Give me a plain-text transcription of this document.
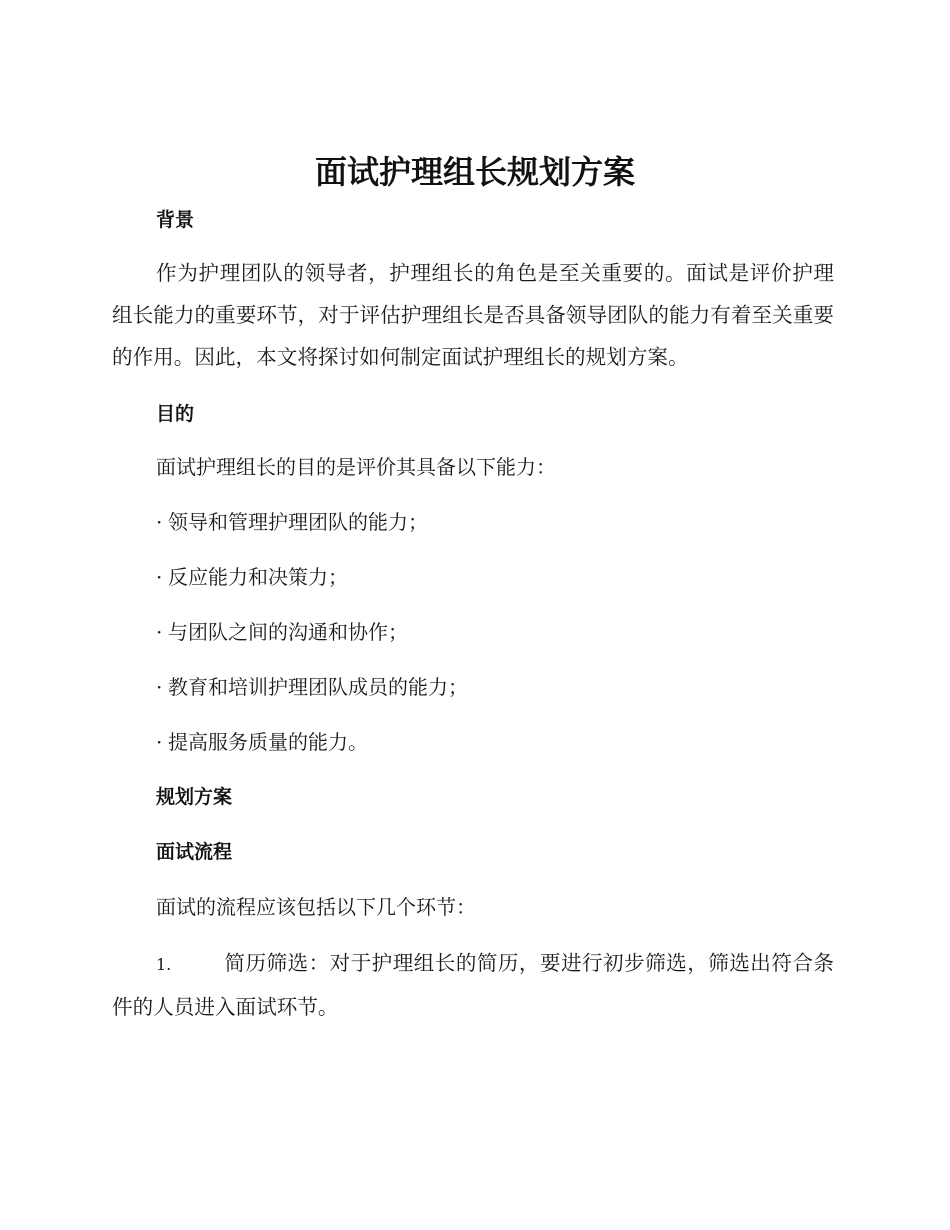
面试护理组长规划方案
背景
作为护理团队的领导者，护理组长的角色是至关重要的。面试是评价护理组长能力的重要环节，对于评估护理组长是否具备领导团队的能力有着至关重要的作用。因此，本文将探讨如何制定面试护理组长的规划方案。
目的
面试护理组长的目的是评价其具备以下能力：
· 领导和管理护理团队的能力；
· 反应能力和决策力；
· 与团队之间的沟通和协作；
· 教育和培训护理团队成员的能力；
· 提高服务质量的能力。
规划方案
面试流程
面试的流程应该包括以下几个环节：
1.	简历筛选：对于护理组长的简历，要进行初步筛选，筛选出符合条件的人员进入面试环节。
